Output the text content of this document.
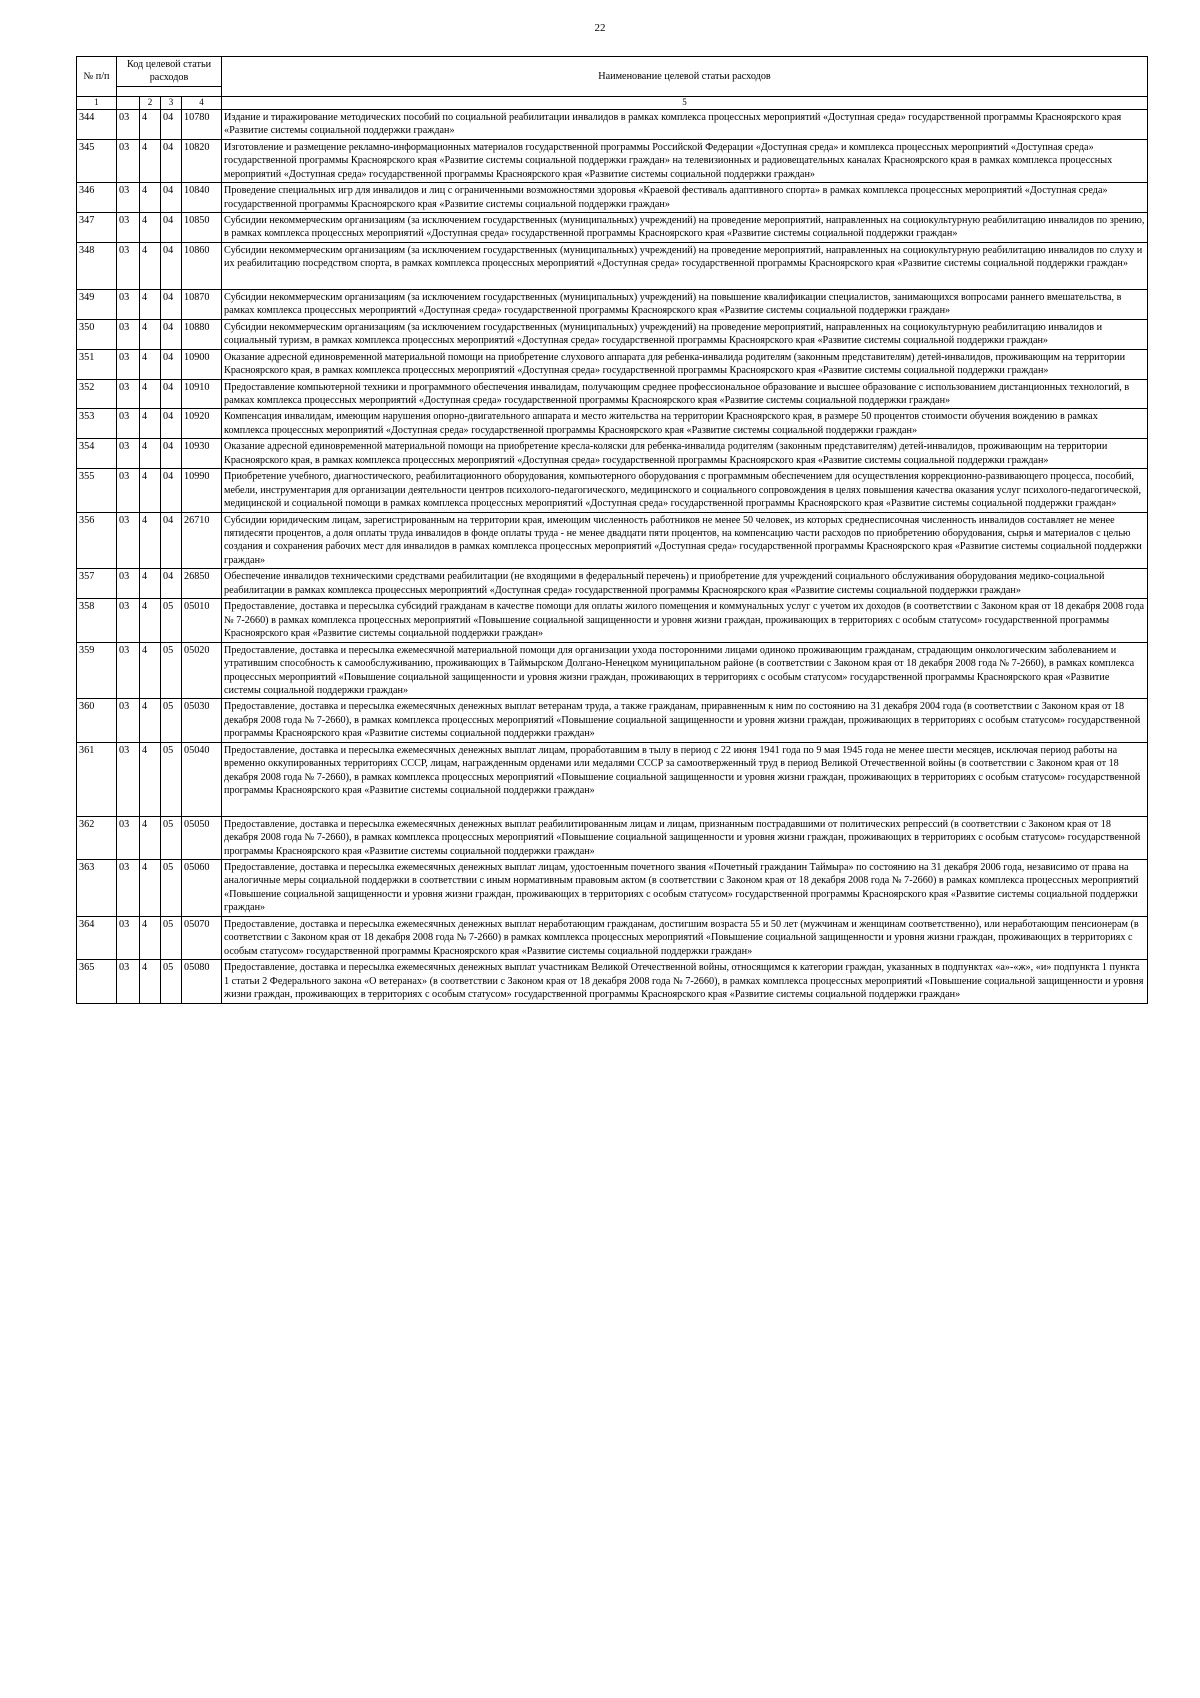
22
№ п/п	Код целевой статьи расходов				Наименование целевой статьи расходов

1		2	3	4	5
344	03	4	04	10780	Издание и тиражирование методических пособий по социальной реабилитации инвалидов в рамках комплекса процессных мероприятий «Доступная среда» государственной программы Красноярского края «Развитие системы социальной поддержки граждан»
345	03	4	04	10820	Изготовление и размещение рекламно-информационных материалов государственной программы Российской Федерации «Доступная среда» и комплекса процессных мероприятий «Доступная среда» государственной программы Красноярского края «Развитие системы социальной поддержки граждан» на телевизионных и радиовещательных каналах Красноярского края в рамках комплекса процессных мероприятий «Доступная среда» государственной программы Красноярского края «Развитие системы социальной поддержки граждан»
346	03	4	04	10840	Проведение специальных игр для инвалидов и лиц с ограниченными возможностями здоровья «Краевой фестиваль адаптивного спорта» в рамках комплекса процессных мероприятий «Доступная среда» государственной программы Красноярского края «Развитие системы социальной поддержки граждан»
347	03	4	04	10850	Субсидии некоммерческим организациям (за исключением государственных (муниципальных) учреждений) на проведение мероприятий, направленных на социокультурную реабилитацию инвалидов по зрению, в рамках комплекса процессных мероприятий «Доступная среда» государственной программы Красноярского края «Развитие системы социальной поддержки граждан»
348	03	4	04	10860	Субсидии некоммерческим организациям (за исключением государственных (муниципальных) учреждений) на проведение мероприятий, направленных на социокультурную реабилитацию инвалидов по слуху и их реабилитацию посредством спорта, в рамках комплекса процессных мероприятий «Доступная среда» государственной программы Красноярского края «Развитие системы социальной поддержки граждан»
349	03	4	04	10870	Субсидии некоммерческим организациям (за исключением государственных (муниципальных) учреждений) на повышение квалификации специалистов, занимающихся вопросами раннего вмешательства, в рамках комплекса процессных мероприятий «Доступная среда» государственной программы Красноярского края «Развитие системы социальной поддержки граждан»
350	03	4	04	10880	Субсидии некоммерческим организациям (за исключением государственных (муниципальных) учреждений) на проведение мероприятий, направленных на социокультурную реабилитацию инвалидов и социальный туризм, в рамках комплекса процессных мероприятий «Доступная среда» государственной программы Красноярского края «Развитие системы социальной поддержки граждан»
351	03	4	04	10900	Оказание адресной единовременной материальной помощи на приобретение слухового аппарата для ребенка-инвалида родителям (законным представителям) детей-инвалидов, проживающим на территории Красноярского края, в рамках комплекса процессных мероприятий «Доступная среда» государственной программы Красноярского края «Развитие системы социальной поддержки граждан»
352	03	4	04	10910	Предоставление компьютерной техники и программного обеспечения инвалидам, получающим среднее профессиональное образование и высшее образование с использованием дистанционных технологий, в рамках комплекса процессных мероприятий «Доступная среда» государственной программы Красноярского края «Развитие системы социальной поддержки граждан»
353	03	4	04	10920	Компенсация инвалидам, имеющим нарушения опорно-двигательного аппарата и место жительства на территории Красноярского края, в размере 50 процентов стоимости обучения вождению в рамках комплекса процессных мероприятий «Доступная среда» государственной программы Красноярского края «Развитие системы социальной поддержки граждан»
354	03	4	04	10930	Оказание адресной единовременной материальной помощи на приобретение кресла-коляски для ребенка-инвалида родителям (законным представителям) детей-инвалидов, проживающим на территории Красноярского края, в рамках комплекса процессных мероприятий «Доступная среда» государственной программы Красноярского края «Развитие системы социальной поддержки граждан»
355	03	4	04	10990	Приобретение учебного, диагностического, реабилитационного оборудования, компьютерного оборудования с программным обеспечением для осуществления коррекционно-развивающего процесса, пособий, мебели, инструментария для организации деятельности центров психолого-педагогического, медицинского и социального сопровождения в целях повышения качества оказания услуг психолого-педагогической, медицинской и социальной помощи в рамках комплекса процессных мероприятий «Доступная среда» государственной программы Красноярского края «Развитие системы социальной поддержки граждан»
356	03	4	04	26710	Субсидии юридическим лицам, зарегистрированным на территории края, имеющим численность работников не менее 50 человек, из которых среднесписочная численность инвалидов составляет не менее пятидесяти процентов, а доля оплаты труда инвалидов в фонде оплаты труда - не менее двадцати пяти процентов, на компенсацию части расходов по приобретению оборудования, сырья и материалов с целью создания и сохранения рабочих мест для инвалидов в рамках комплекса процессных мероприятий «Доступная среда» государственной программы Красноярского края «Развитие системы социальной поддержки граждан»
357	03	4	04	26850	Обеспечение инвалидов техническими средствами реабилитации (не входящими в федеральный перечень) и приобретение для учреждений социального обслуживания оборудования медико-социальной реабилитации в рамках комплекса процессных мероприятий «Доступная среда» государственной программы Красноярского края «Развитие системы социальной поддержки граждан»
358	03	4	05	05010	Предоставление, доставка и пересылка субсидий гражданам в качестве помощи для оплаты жилого помещения и коммунальных услуг с учетом их доходов (в соответствии с Законом края от 18 декабря 2008 года № 7-2660) в рамках комплекса процессных мероприятий «Повышение социальной защищенности и уровня жизни граждан, проживающих в территориях с особым статусом» государственной программы Красноярского края «Развитие системы социальной поддержки граждан»
359	03	4	05	05020	Предоставление, доставка и пересылка ежемесячной материальной помощи для организации ухода посторонними лицами одиноко проживающим гражданам, страдающим онкологическим заболеванием и утратившим способность к самообслуживанию, проживающих в Таймырском Долгано-Ненецком муниципальном районе (в соответствии с Законом края от 18 декабря 2008 года № 7-2660), в рамках комплекса процессных мероприятий «Повышение социальной защищенности и уровня жизни граждан, проживающих в территориях с особым статусом» государственной программы Красноярского края «Развитие системы социальной поддержки граждан»
360	03	4	05	05030	Предоставление, доставка и пересылка ежемесячных денежных выплат ветеранам труда, а также гражданам, приравненным к ним по состоянию на 31 декабря 2004 года (в соответствии с Законом края от 18 декабря 2008 года № 7-2660), в рамках комплекса процессных мероприятий «Повышение социальной защищенности и уровня жизни граждан, проживающих в территориях с особым статусом» государственной программы Красноярского края «Развитие системы социальной поддержки граждан»
361	03	4	05	05040	Предоставление, доставка и пересылка ежемесячных денежных выплат лицам, проработавшим в тылу в период с 22 июня 1941 года по 9 мая 1945 года не менее шести месяцев, исключая период работы на временно оккупированных территориях СССР, лицам, награжденным орденами или медалями СССР за самоотверженный труд в период Великой Отечественной войны (в соответствии с Законом края от 18 декабря 2008 года № 7-2660), в рамках комплекса процессных мероприятий «Повышение социальной защищенности и уровня жизни граждан, проживающих в территориях с особым статусом» государственной программы Красноярского края «Развитие системы социальной поддержки граждан»
362	03	4	05	05050	Предоставление, доставка и пересылка ежемесячных денежных выплат реабилитированным лицам и лицам, признанным пострадавшими от политических репрессий (в соответствии с Законом края от 18 декабря 2008 года № 7-2660), в рамках комплекса процессных мероприятий «Повышение социальной защищенности и уровня жизни граждан, проживающих в территориях с особым статусом» государственной программы Красноярского края «Развитие системы социальной поддержки граждан»
363	03	4	05	05060	Предоставление, доставка и пересылка ежемесячных денежных выплат лицам, удостоенным почетного звания «Почетный гражданин Таймыра» по состоянию на 31 декабря 2006 года, независимо от права на аналогичные меры социальной поддержки в соответствии с иным нормативным правовым актом (в соответствии с Законом края от 18 декабря 2008 года № 7-2660) в рамках комплекса процессных мероприятий «Повышение социальной защищенности и уровня жизни граждан, проживающих в территориях с особым статусом» государственной программы Красноярского края «Развитие системы социальной поддержки граждан»
364	03	4	05	05070	Предоставление, доставка и пересылка ежемесячных денежных выплат неработающим гражданам, достигшим возраста 55 и 50 лет (мужчинам и женщинам соответственно), или неработающим пенсионерам (в соответствии с Законом края от 18 декабря 2008 года № 7-2660) в рамках комплекса процессных мероприятий «Повышение социальной защищенности и уровня жизни граждан, проживающих в территориях с особым статусом» государственной программы Красноярского края «Развитие системы социальной поддержки граждан»
365	03	4	05	05080	Предоставление, доставка и пересылка ежемесячных денежных выплат участникам Великой Отечественной войны, относящимся к категории граждан, указанных в подпунктах «а»-«ж», «и» подпункта 1 пункта 1 статьи 2 Федерального закона «О ветеранах» (в соответствии с Законом края от 18 декабря 2008 года № 7-2660), в рамках комплекса процессных мероприятий «Повышение социальной защищенности и уровня жизни граждан, проживающих в территориях с особым статусом» государственной программы Красноярского края «Развитие системы социальной поддержки граждан»
